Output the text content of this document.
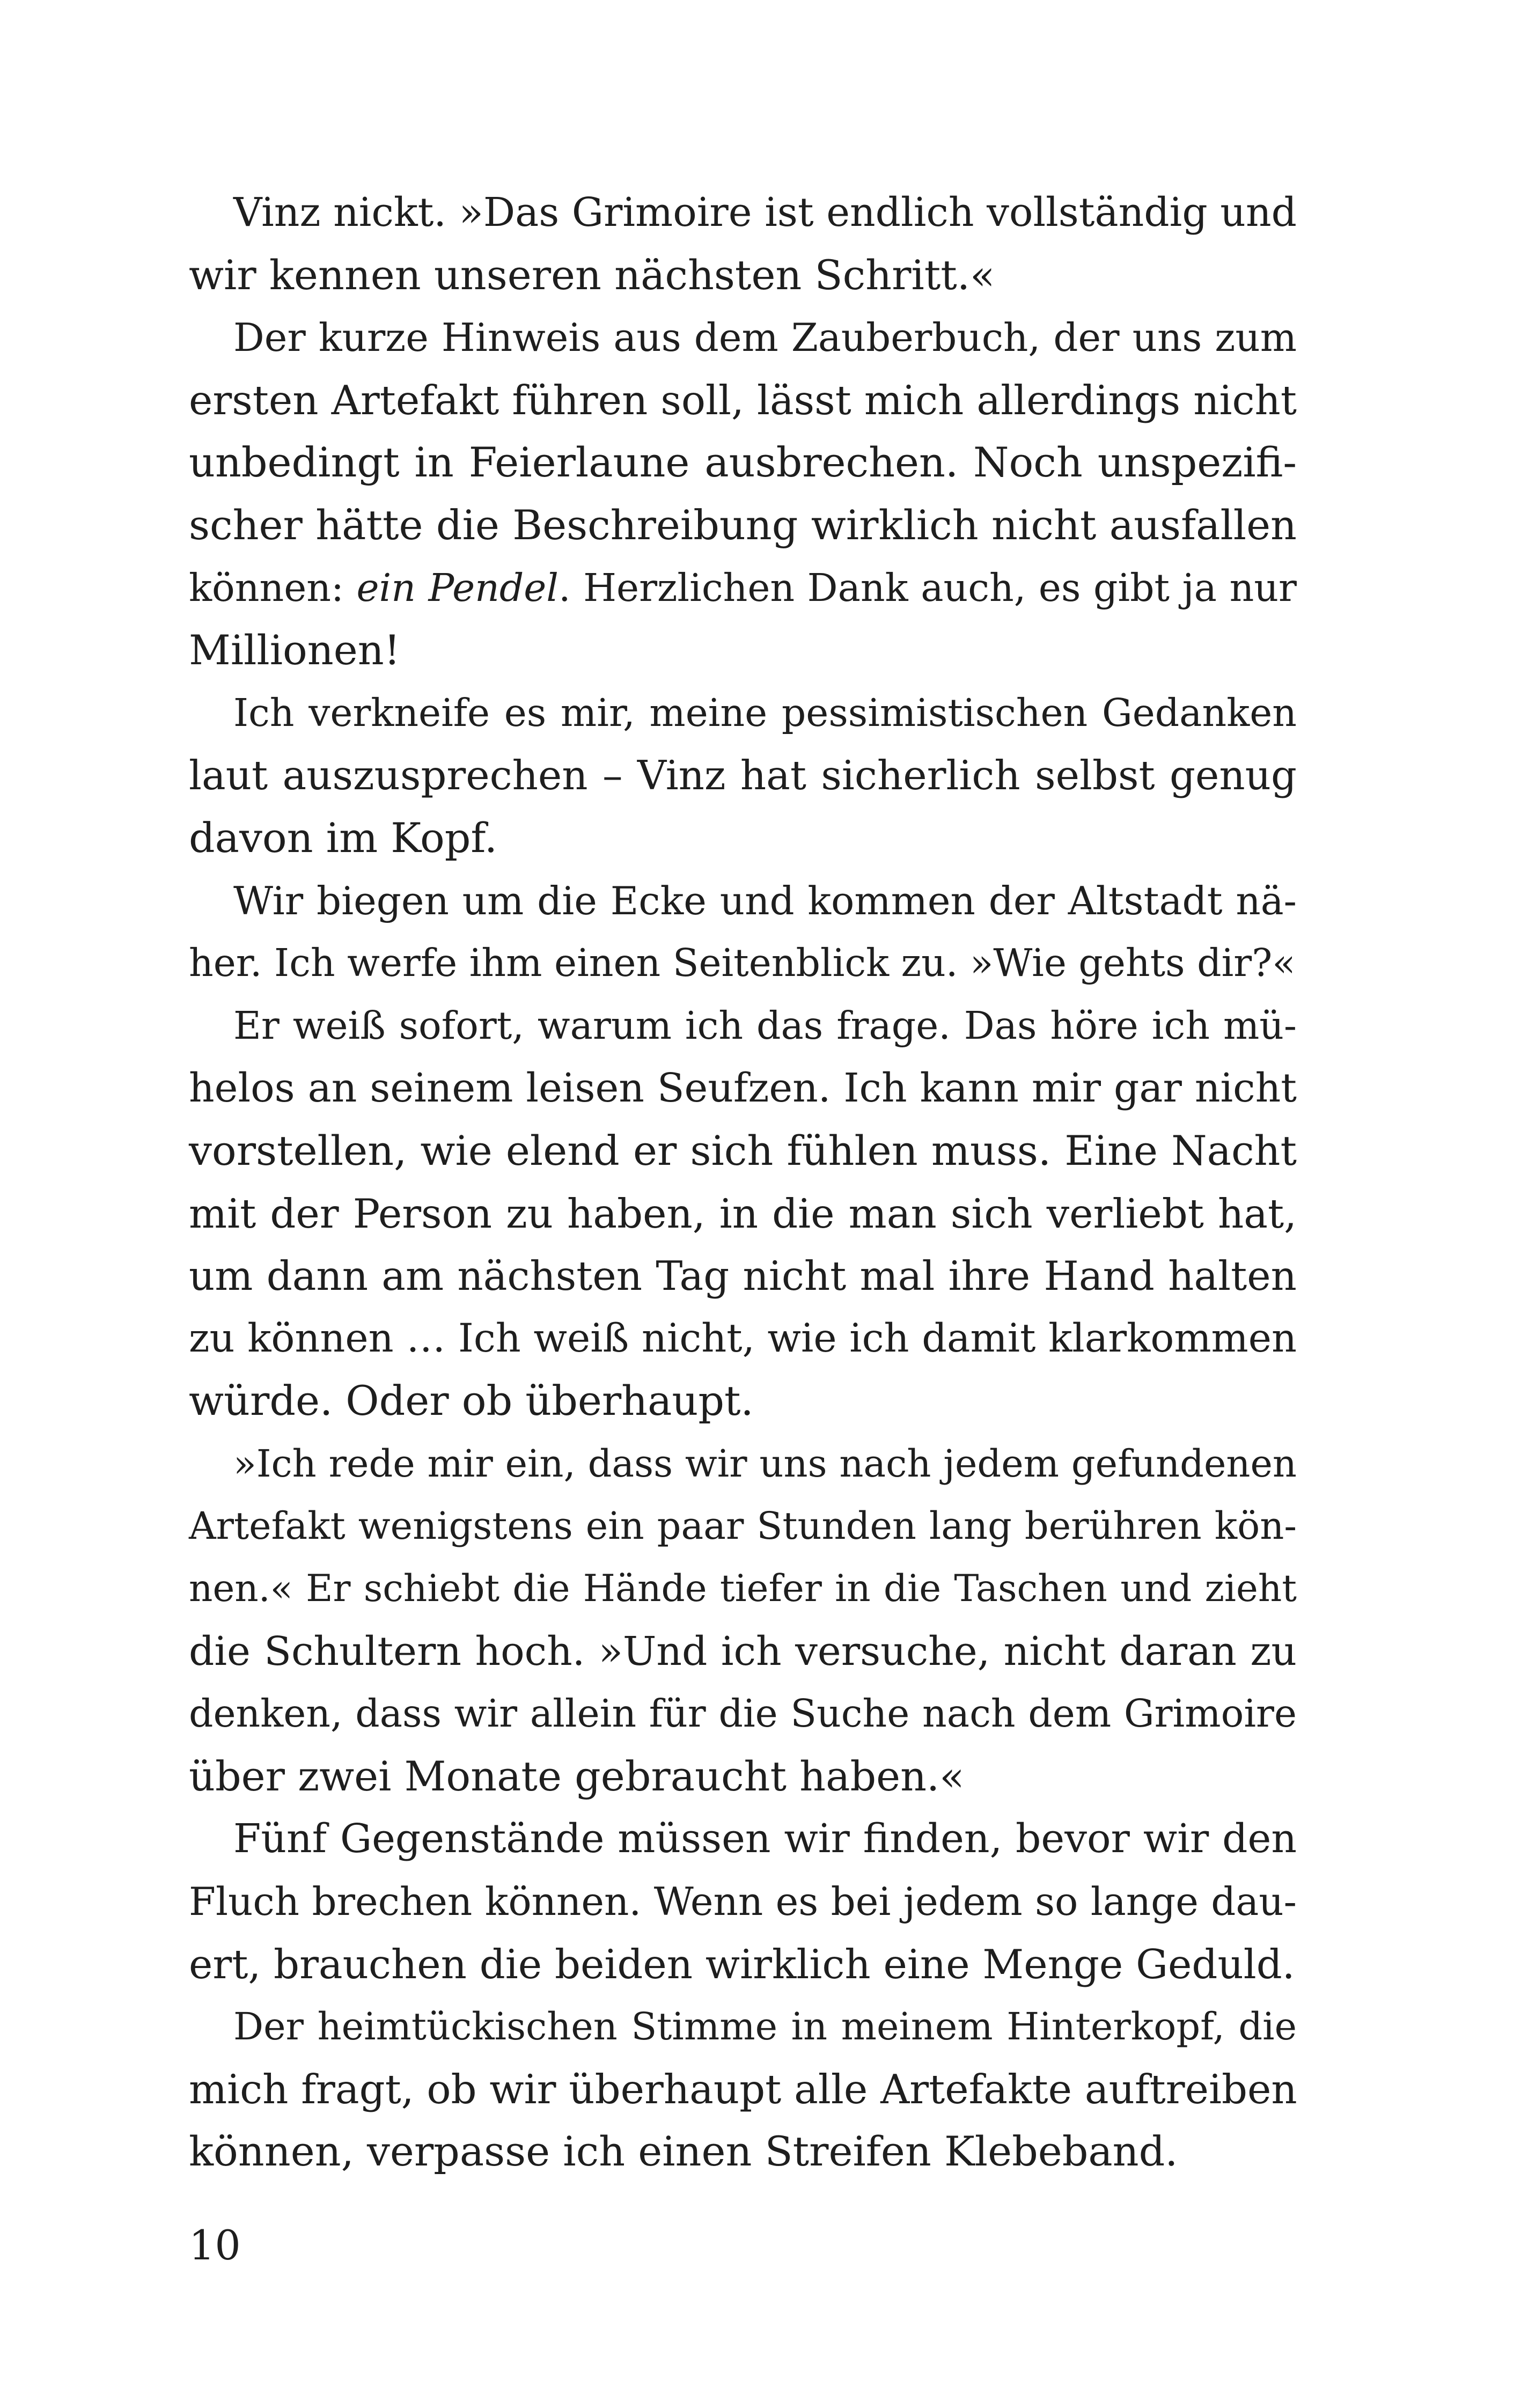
Vinz nickt. »Das Grimoire ist endlich vollständig und
wir kennen unseren nächsten Schritt.«
Der kurze Hinweis aus dem Zauberbuch, der uns zum
ersten Artefakt führen soll, lässt mich allerdings nicht
unbedingt in Feierlaune ausbrechen. Noch unspezifi-
scher hätte die Beschreibung wirklich nicht ausfallen
können: ein Pendel. Herzlichen Dank auch, es gibt ja nur
Millionen!
Ich verkneife es mir, meine pessimistischen Gedanken
laut auszusprechen – Vinz hat sicherlich selbst genug
davon im Kopf.
Wir biegen um die Ecke und kommen der Altstadt nä-
her. Ich werfe ihm einen Seitenblick zu. »Wie gehts dir?«
Er weiß sofort, warum ich das frage. Das höre ich mü-
helos an seinem leisen Seufzen. Ich kann mir gar nicht
vorstellen, wie elend er sich fühlen muss. Eine Nacht
mit der Person zu haben, in die man sich verliebt hat,
um dann am nächsten Tag nicht mal ihre Hand halten
zu können … Ich weiß nicht, wie ich damit klarkommen
würde. Oder ob überhaupt.
»Ich rede mir ein, dass wir uns nach jedem gefundenen
Artefakt wenigstens ein paar Stunden lang berühren kön-
nen.« Er schiebt die Hände tiefer in die Taschen und zieht
die Schultern hoch. »Und ich versuche, nicht daran zu
denken, dass wir allein für die Suche nach dem Grimoire
über zwei Monate gebraucht haben.«
Fünf Gegenstände müssen wir finden, bevor wir den
Fluch brechen können. Wenn es bei jedem so lange dau-
ert, brauchen die beiden wirklich eine Menge Geduld.
Der heimtückischen Stimme in meinem Hinterkopf, die
mich fragt, ob wir überhaupt alle Artefakte auftreiben
können, verpasse ich einen Streifen Klebeband.
10
